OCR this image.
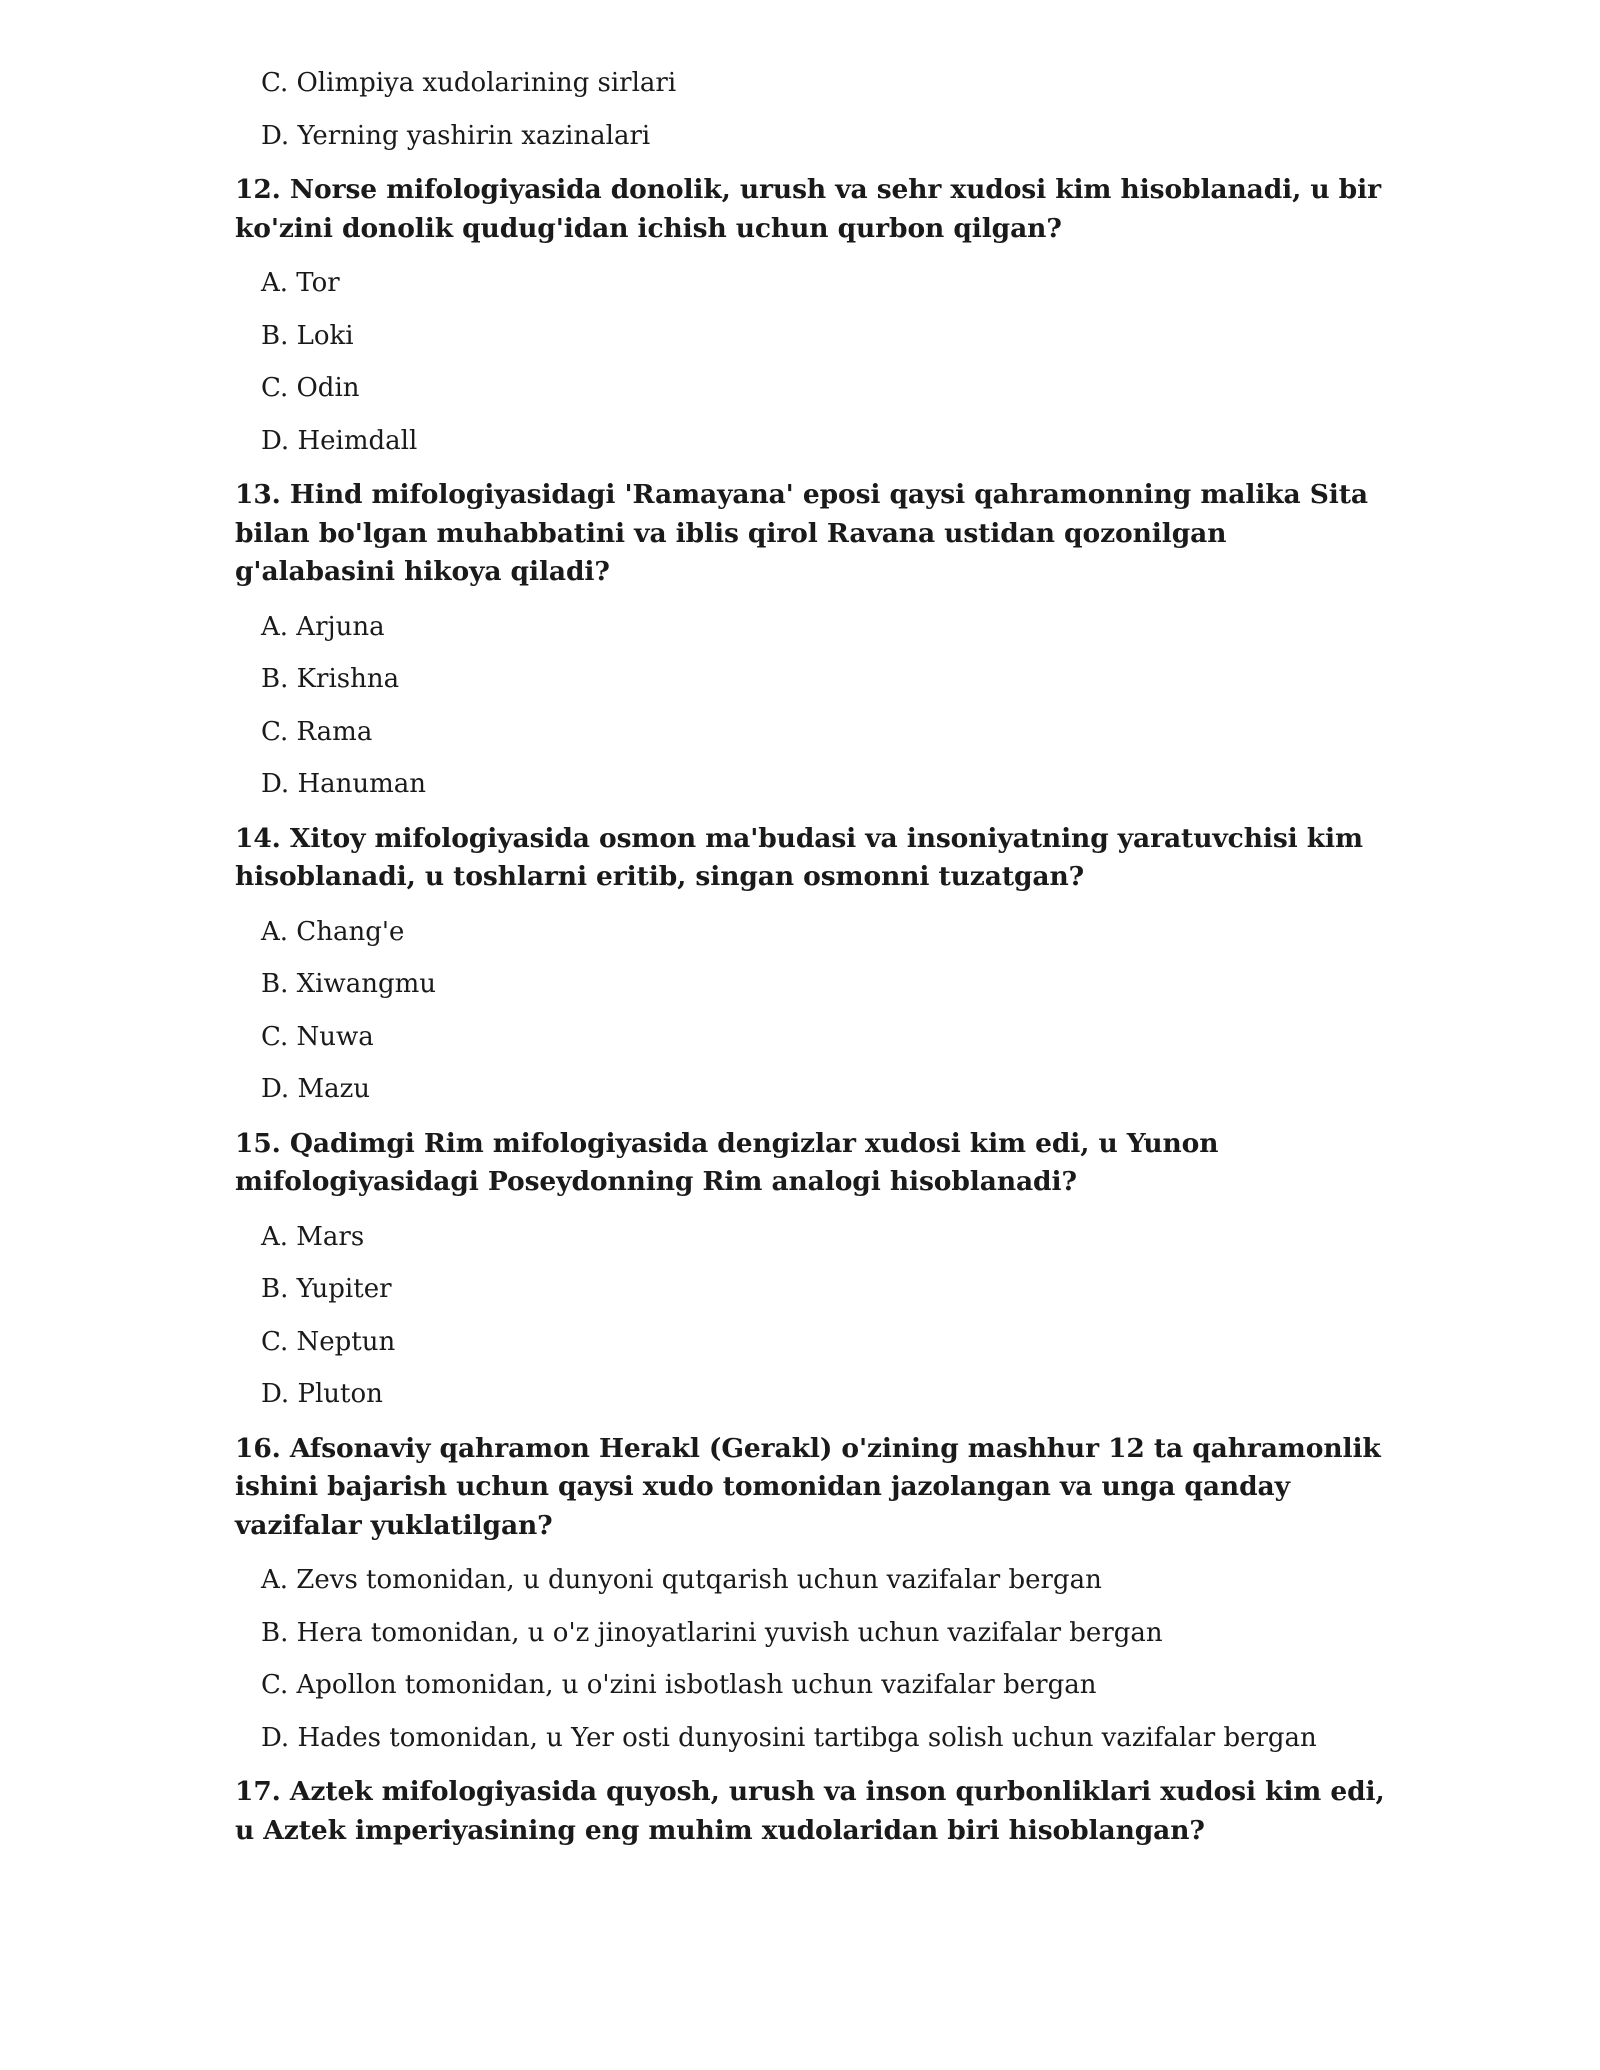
C. Olimpiya xudolarining sirlari
D. Yerning yashirin xazinalari
12. Norse mifologiyasida donolik, urush va sehr xudosi kim hisoblanadi, u bir ko'zini donolik qudug'idan ichish uchun qurbon qilgan?
A. Tor
B. Loki
C. Odin
D. Heimdall
13. Hind mifologiyasidagi 'Ramayana' eposi qaysi qahramonning malika Sita bilan bo'lgan muhabbatini va iblis qirol Ravana ustidan qozonilgan g'alabasini hikoya qiladi?
A. Arjuna
B. Krishna
C. Rama
D. Hanuman
14. Xitoy mifologiyasida osmon ma'budasi va insoniyatning yaratuvchisi kim hisoblanadi, u toshlarni eritib, singan osmonni tuzatgan?
A. Chang'e
B. Xiwangmu
C. Nuwa
D. Mazu
15. Qadimgi Rim mifologiyasida dengizlar xudosi kim edi, u Yunon mifologiyasidagi Poseydonning Rim analogi hisoblanadi?
A. Mars
B. Yupiter
C. Neptun
D. Pluton
16. Afsonaviy qahramon Herakl (Gerakl) o'zining mashhur 12 ta qahramonlik ishini bajarish uchun qaysi xudo tomonidan jazolangan va unga qanday vazifalar yuklatilgan?
A. Zevs tomonidan, u dunyoni qutqarish uchun vazifalar bergan
B. Hera tomonidan, u o'z jinoyatlarini yuvish uchun vazifalar bergan
C. Apollon tomonidan, u o'zini isbotlash uchun vazifalar bergan
D. Hades tomonidan, u Yer osti dunyosini tartibga solish uchun vazifalar bergan
17. Aztek mifologiyasida quyosh, urush va inson qurbonliklari xudosi kim edi, u Aztek imperiyasining eng muhim xudolaridan biri hisoblangan?
